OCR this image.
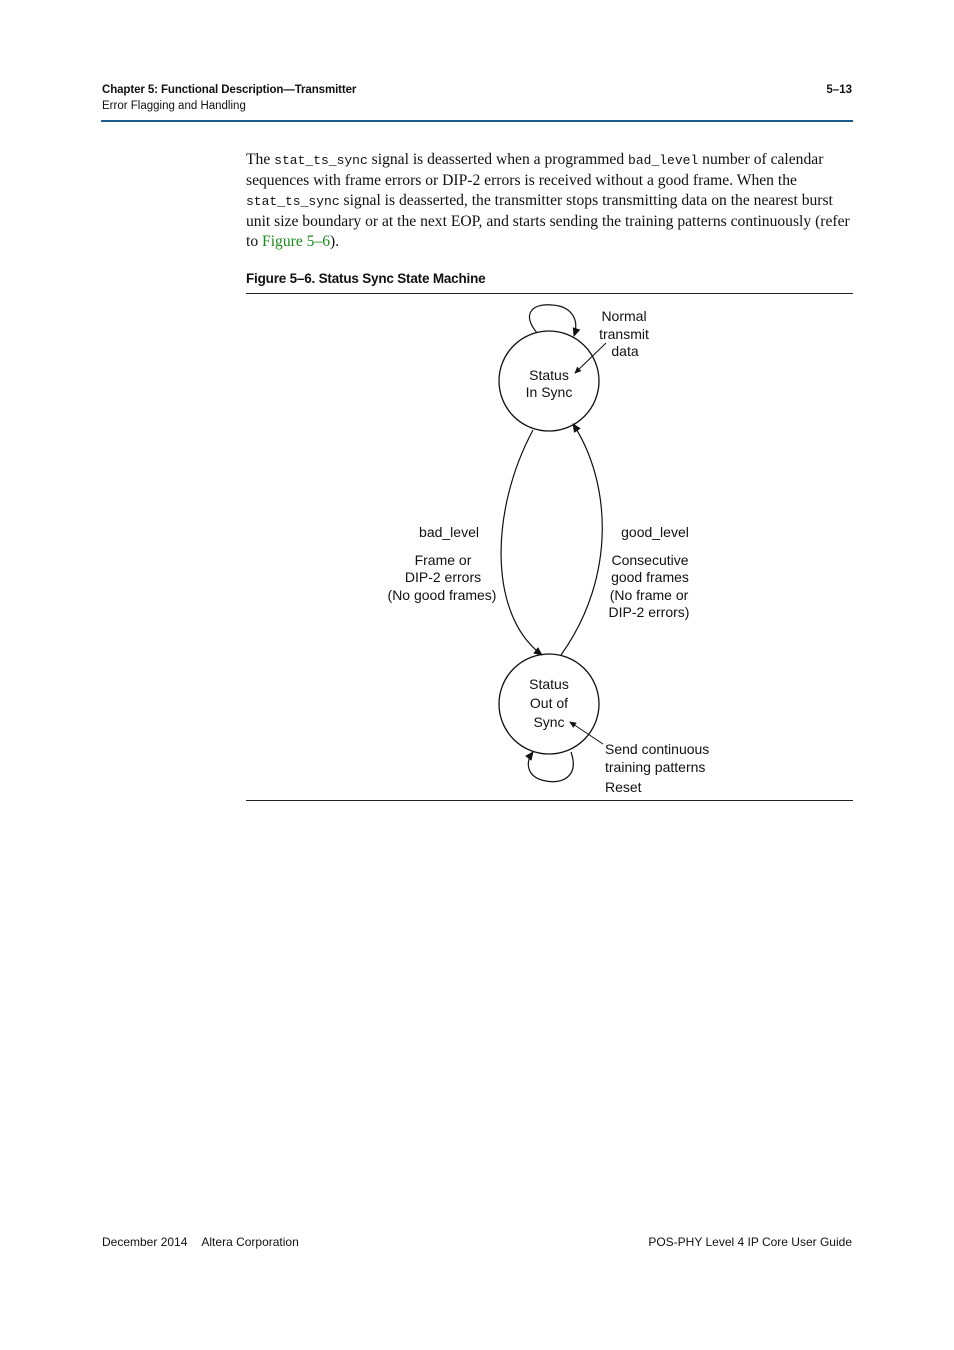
Chapter 5: Functional Description—Transmitter
Error Flagging and Handling
5–13

The stat_ts_sync signal is deasserted when a programmed bad_level number of calendar sequences with frame errors or DIP-2 errors is received without a good frame. When the stat_ts_sync signal is deasserted, the transmitter stops transmitting data on the nearest burst unit size boundary or at the next EOP, and starts sending the training patterns continuously (refer to Figure 5–6).

Figure 5–6. Status Sync State Machine
Status
In Sync
Status
Out of
Sync
Normal
transmit
data
bad_level
Frame or
DIP-2 errors
(No good frames)
good_level
Consecutive
good frames
(No frame or
DIP-2 errors)
Send continuous
training patterns
Reset
December 2014 Altera Corporation	POS-PHY Level 4 IP Core User Guide
